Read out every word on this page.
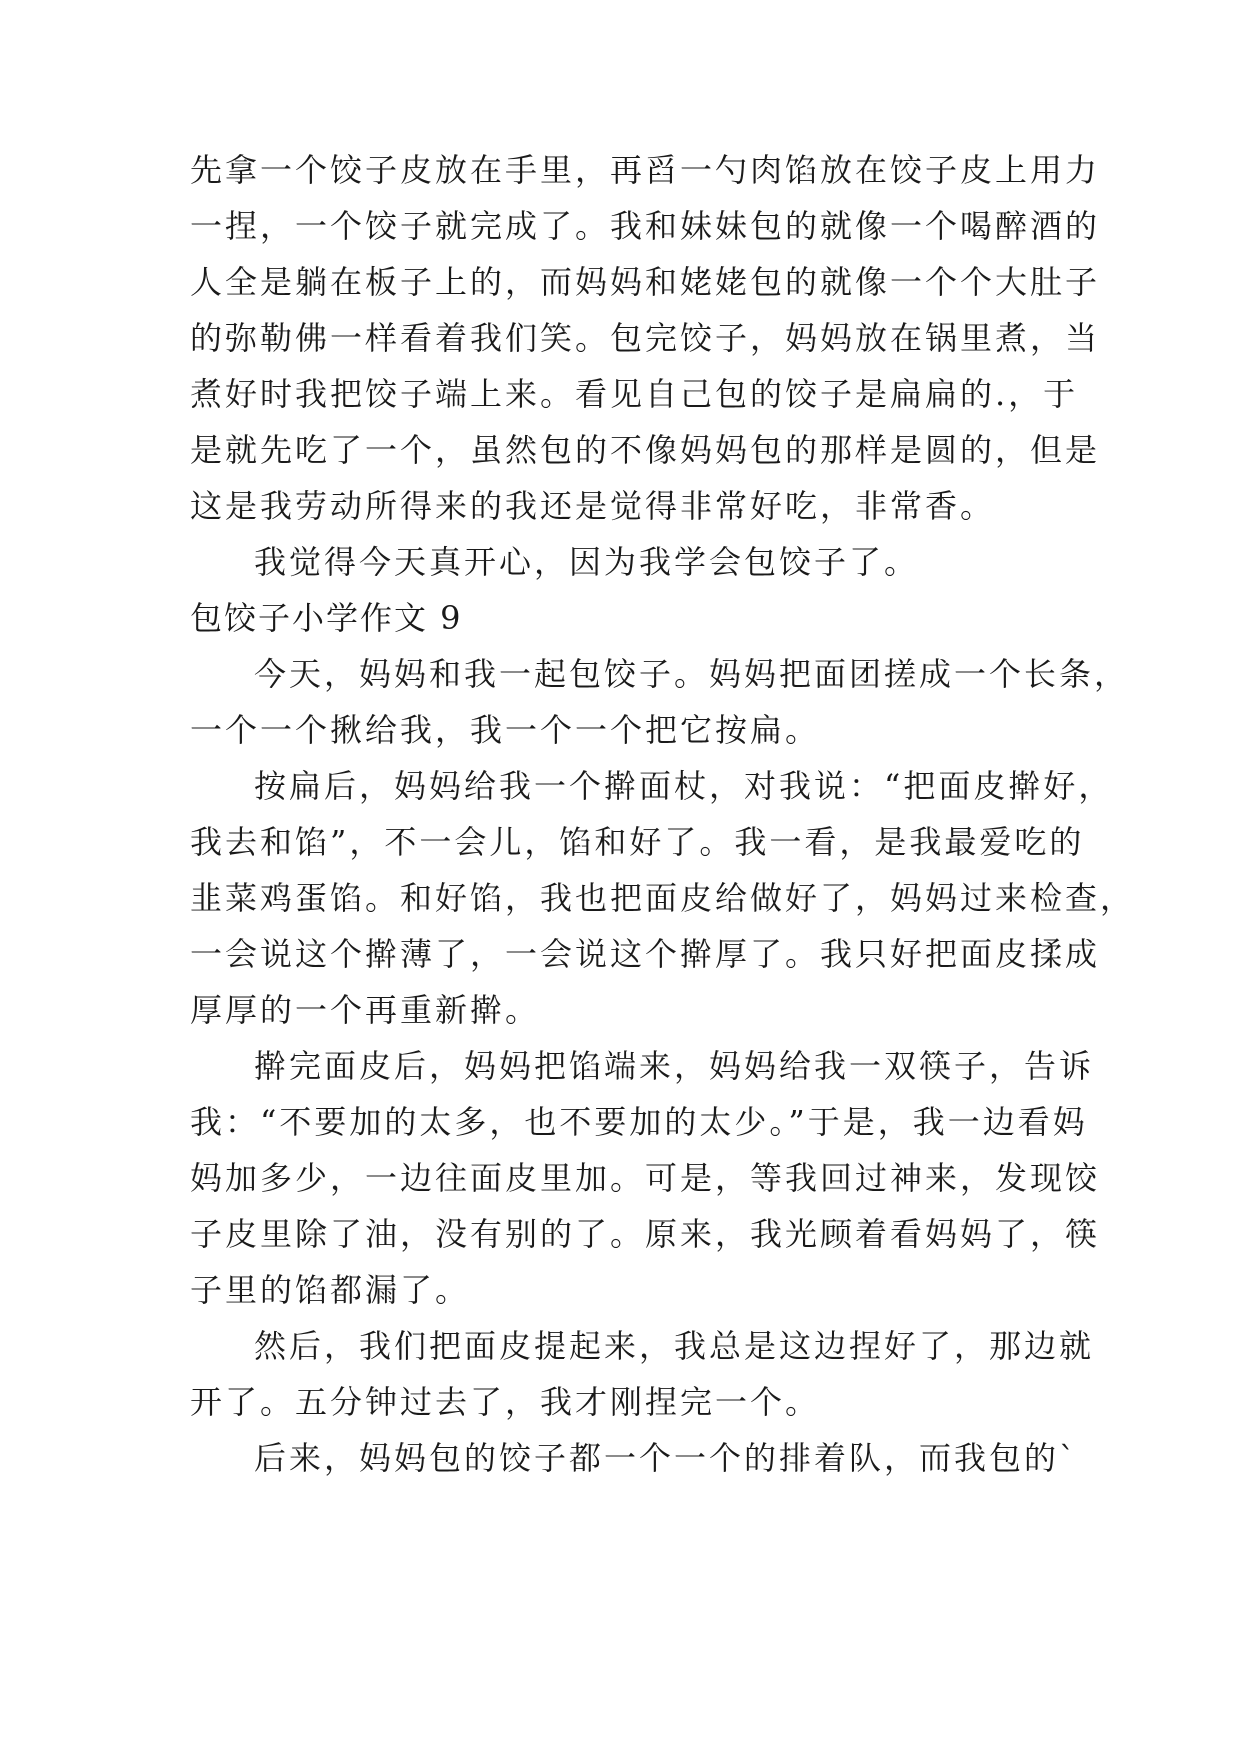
先拿一个饺子皮放在手里，再舀一勺肉馅放在饺子皮上用力
一捏，一个饺子就完成了。我和妹妹包的就像一个喝醉酒的
人全是躺在板子上的，而妈妈和姥姥包的就像一个个大肚子
的弥勒佛一样看着我们笑。包完饺子，妈妈放在锅里煮，当
煮好时我把饺子端上来。看见自己包的饺子是扁扁的.，于
是就先吃了一个，虽然包的不像妈妈包的那样是圆的，但是
这是我劳动所得来的我还是觉得非常好吃，非常香。
我觉得今天真开心，因为我学会包饺子了。
包饺子小学作文 9
今天，妈妈和我一起包饺子。妈妈把面团搓成一个长条，
一个一个揪给我，我一个一个把它按扁。
按扁后，妈妈给我一个擀面杖，对我说：“把面皮擀好，
我去和馅”，不一会儿，馅和好了。我一看，是我最爱吃的
韭菜鸡蛋馅。和好馅，我也把面皮给做好了，妈妈过来检查，
一会说这个擀薄了，一会说这个擀厚了。我只好把面皮揉成
厚厚的一个再重新擀。
擀完面皮后，妈妈把馅端来，妈妈给我一双筷子，告诉
我：“不要加的太多，也不要加的太少。”于是，我一边看妈
妈加多少，一边往面皮里加。可是，等我回过神来，发现饺
子皮里除了油，没有别的了。原来，我光顾着看妈妈了，筷
子里的馅都漏了。
然后，我们把面皮提起来，我总是这边捏好了，那边就
开了。五分钟过去了，我才刚捏完一个。
后来，妈妈包的饺子都一个一个的排着队，而我包的`
